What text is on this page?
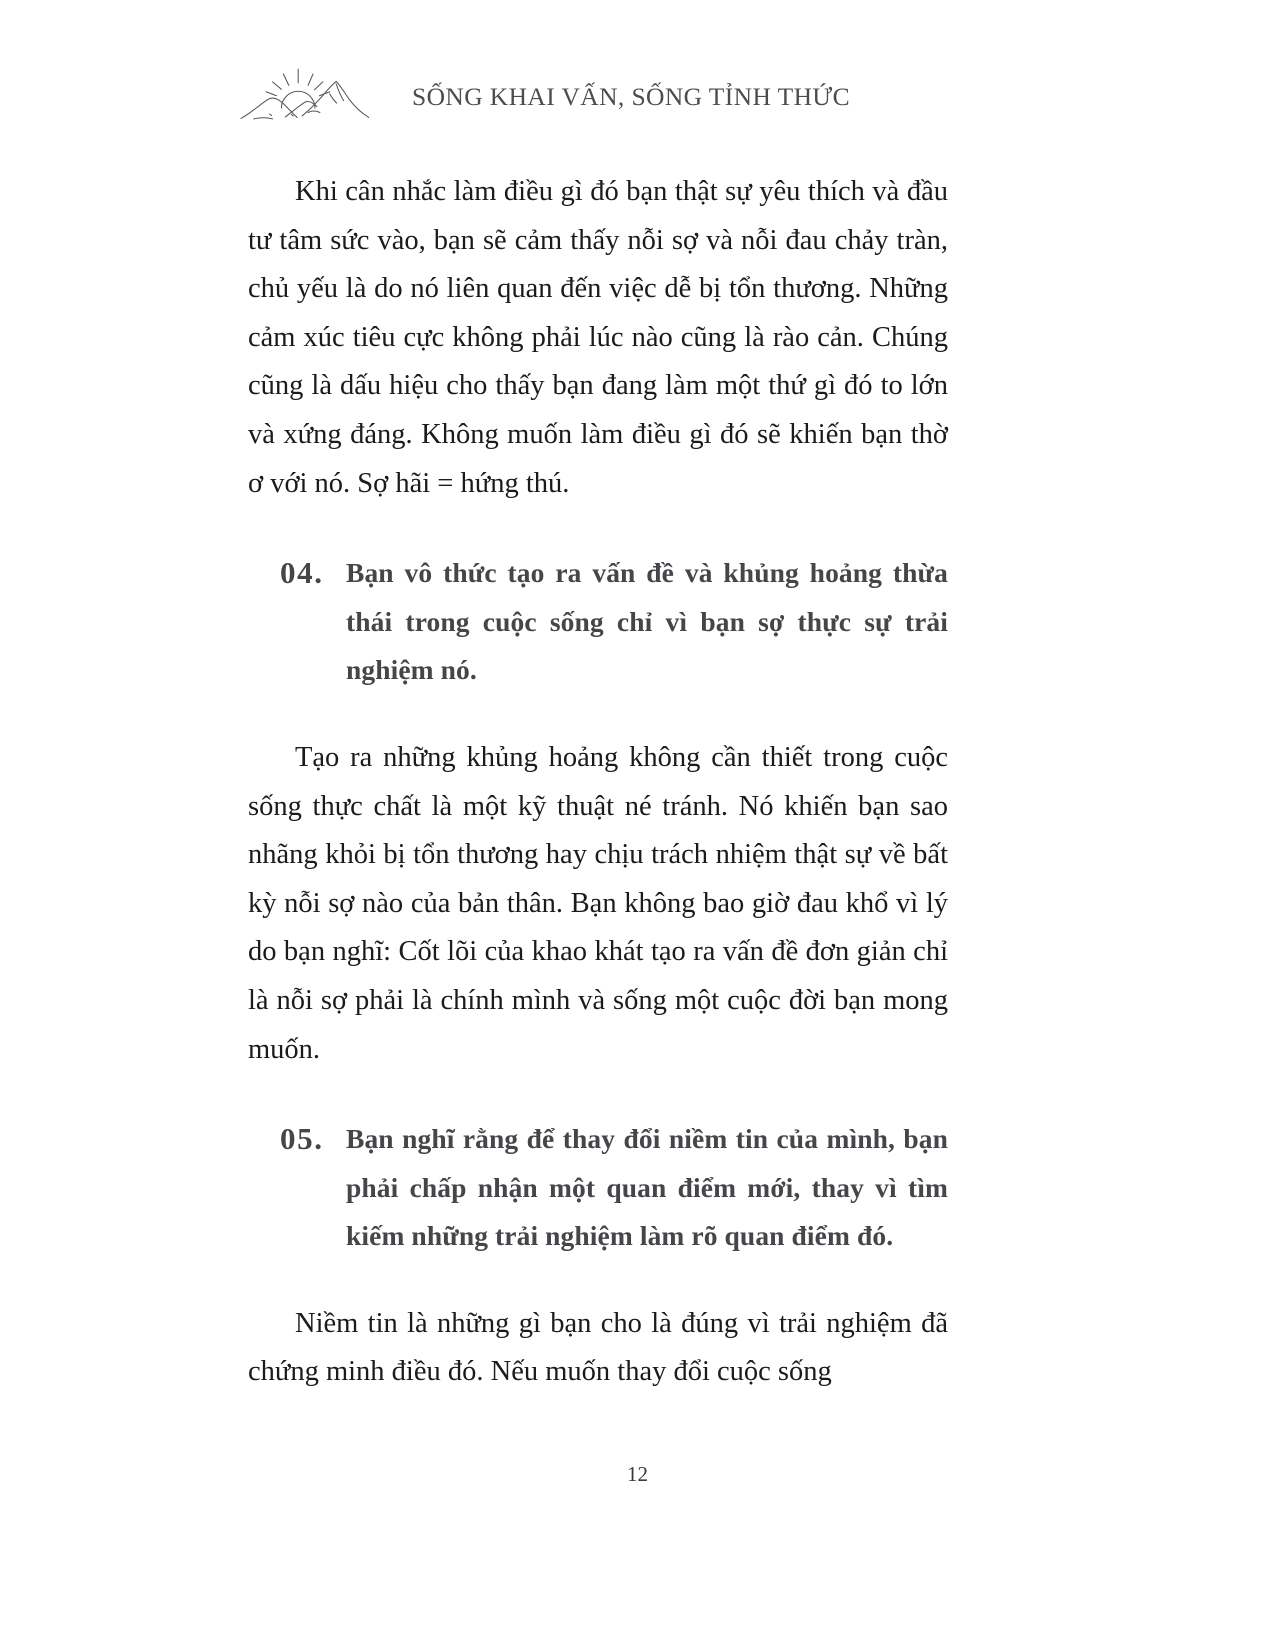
SỐNG KHAI VẤN, SỐNG TỈNH THỨC

Khi cân nhắc làm điều gì đó bạn thật sự yêu thích và đầu tư tâm sức vào, bạn sẽ cảm thấy nỗi sợ và nỗi đau chảy tràn, chủ yếu là do nó liên quan đến việc dễ bị tổn thương. Những cảm xúc tiêu cực không phải lúc nào cũng là rào cản. Chúng cũng là dấu hiệu cho thấy bạn đang làm một thứ gì đó to lớn và xứng đáng. Không muốn làm điều gì đó sẽ khiến bạn thờ ơ với nó. Sợ hãi = hứng thú.

04. Bạn vô thức tạo ra vấn đề và khủng hoảng thừa thái trong cuộc sống chỉ vì bạn sợ thực sự trải nghiệm nó.

Tạo ra những khủng hoảng không cần thiết trong cuộc sống thực chất là một kỹ thuật né tránh. Nó khiến bạn sao nhãng khỏi bị tổn thương hay chịu trách nhiệm thật sự về bất kỳ nỗi sợ nào của bản thân. Bạn không bao giờ đau khổ vì lý do bạn nghĩ: Cốt lõi của khao khát tạo ra vấn đề đơn giản chỉ là nỗi sợ phải là chính mình và sống một cuộc đời bạn mong muốn.

05. Bạn nghĩ rằng để thay đổi niềm tin của mình, bạn phải chấp nhận một quan điểm mới, thay vì tìm kiếm những trải nghiệm làm rõ quan điểm đó.

Niềm tin là những gì bạn cho là đúng vì trải nghiệm đã chứng minh điều đó. Nếu muốn thay đổi cuộc sống

12
